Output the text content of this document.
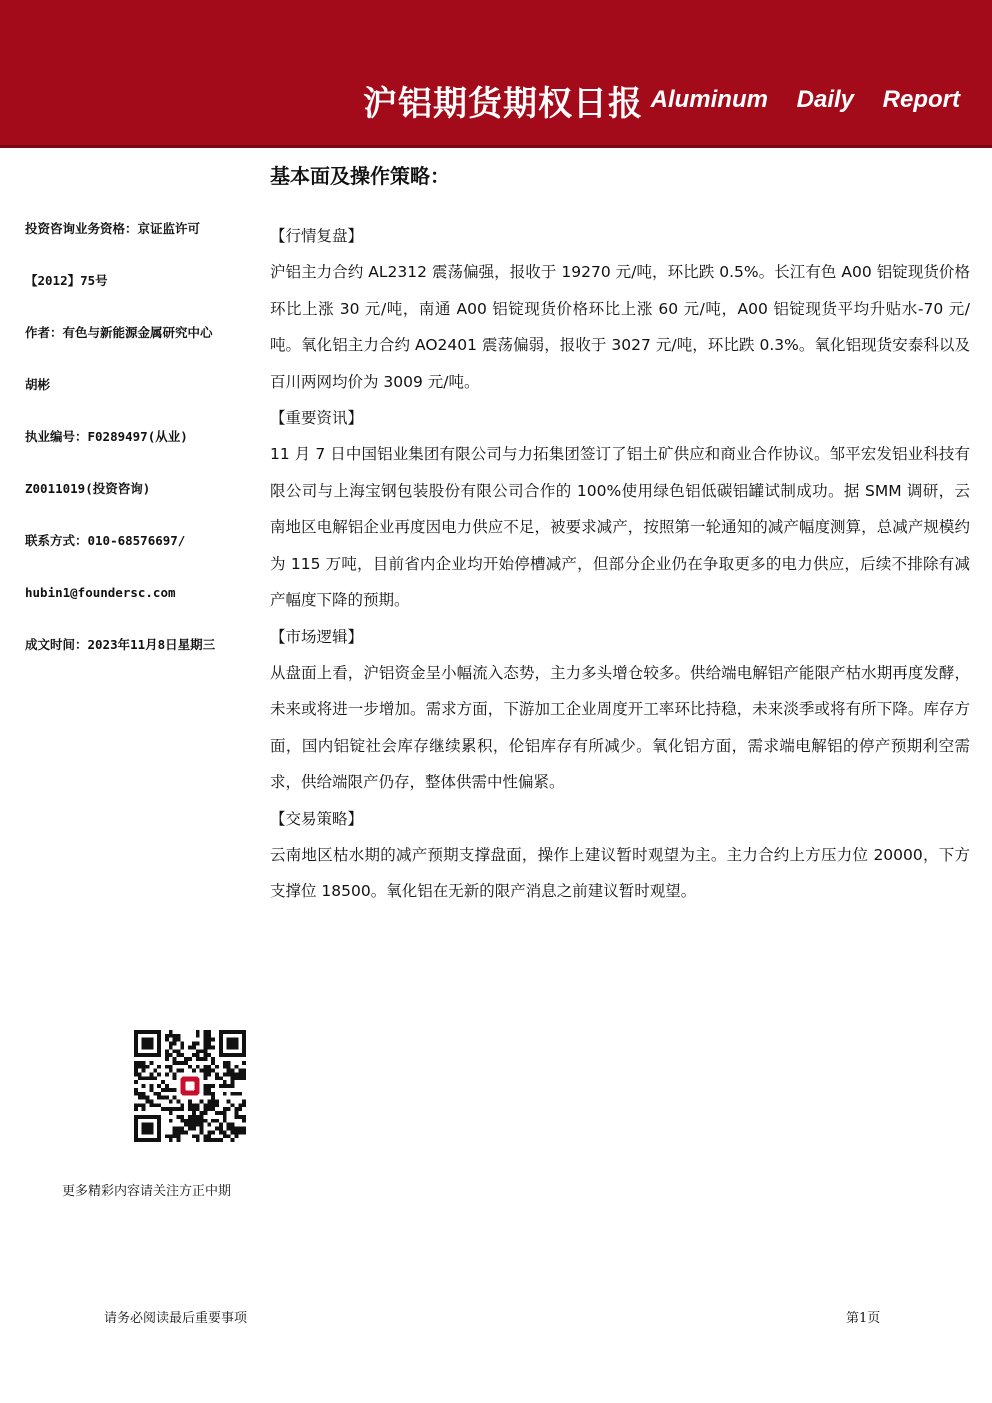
沪铝期货期权日报 Aluminum Daily Report
基本面及操作策略：
投资咨询业务资格：京证监许可
【2012】75号
作者：有色与新能源金属研究中心
胡彬
执业编号：F0289497(从业)
Z0011019(投资咨询)
联系方式：010-68576697/
hubin1@foundersc.com
成文时间：2023年11月8日星期三
【行情复盘】

沪铝主力合约 AL2312 震荡偏强，报收于 19270 元/吨，环比跌 0.5%。长江有色 A00 铝锭现货价格环比上涨 30 元/吨，南通 A00 铝锭现货价格环比上涨 60 元/吨，A00 铝锭现货平均升贴水-70 元/吨。氧化铝主力合约 AO2401 震荡偏弱，报收于 3027 元/吨，环比跌 0.3%。氧化铝现货安泰科以及百川两网均价为 3009 元/吨。

【重要资讯】

11 月 7 日中国铝业集团有限公司与力拓集团签订了铝土矿供应和商业合作协议。邹平宏发铝业科技有限公司与上海宝钢包装股份有限公司合作的 100%使用绿色铝低碳铝罐试制成功。据 SMM 调研，云南地区电解铝企业再度因电力供应不足，被要求减产，按照第一轮通知的减产幅度测算，总减产规模约为 115 万吨，目前省内企业均开始停槽减产，但部分企业仍在争取更多的电力供应，后续不排除有减产幅度下降的预期。

【市场逻辑】

从盘面上看，沪铝资金呈小幅流入态势，主力多头增仓较多。供给端电解铝产能限产枯水期再度发酵，未来或将进一步增加。需求方面，下游加工企业周度开工率环比持稳，未来淡季或将有所下降。库存方面，国内铝锭社会库存继续累积，伦铝库存有所减少。氧化铝方面，需求端电解铝的停产预期利空需求，供给端限产仍存，整体供需中性偏紧。

【交易策略】

云南地区枯水期的减产预期支撑盘面，操作上建议暂时观望为主。主力合约上方压力位 20000，下方支撑位 18500。氧化铝在无新的限产消息之前建议暂时观望。

更多精彩内容请关注方正中期
请务必阅读最后重要事项	第1页
